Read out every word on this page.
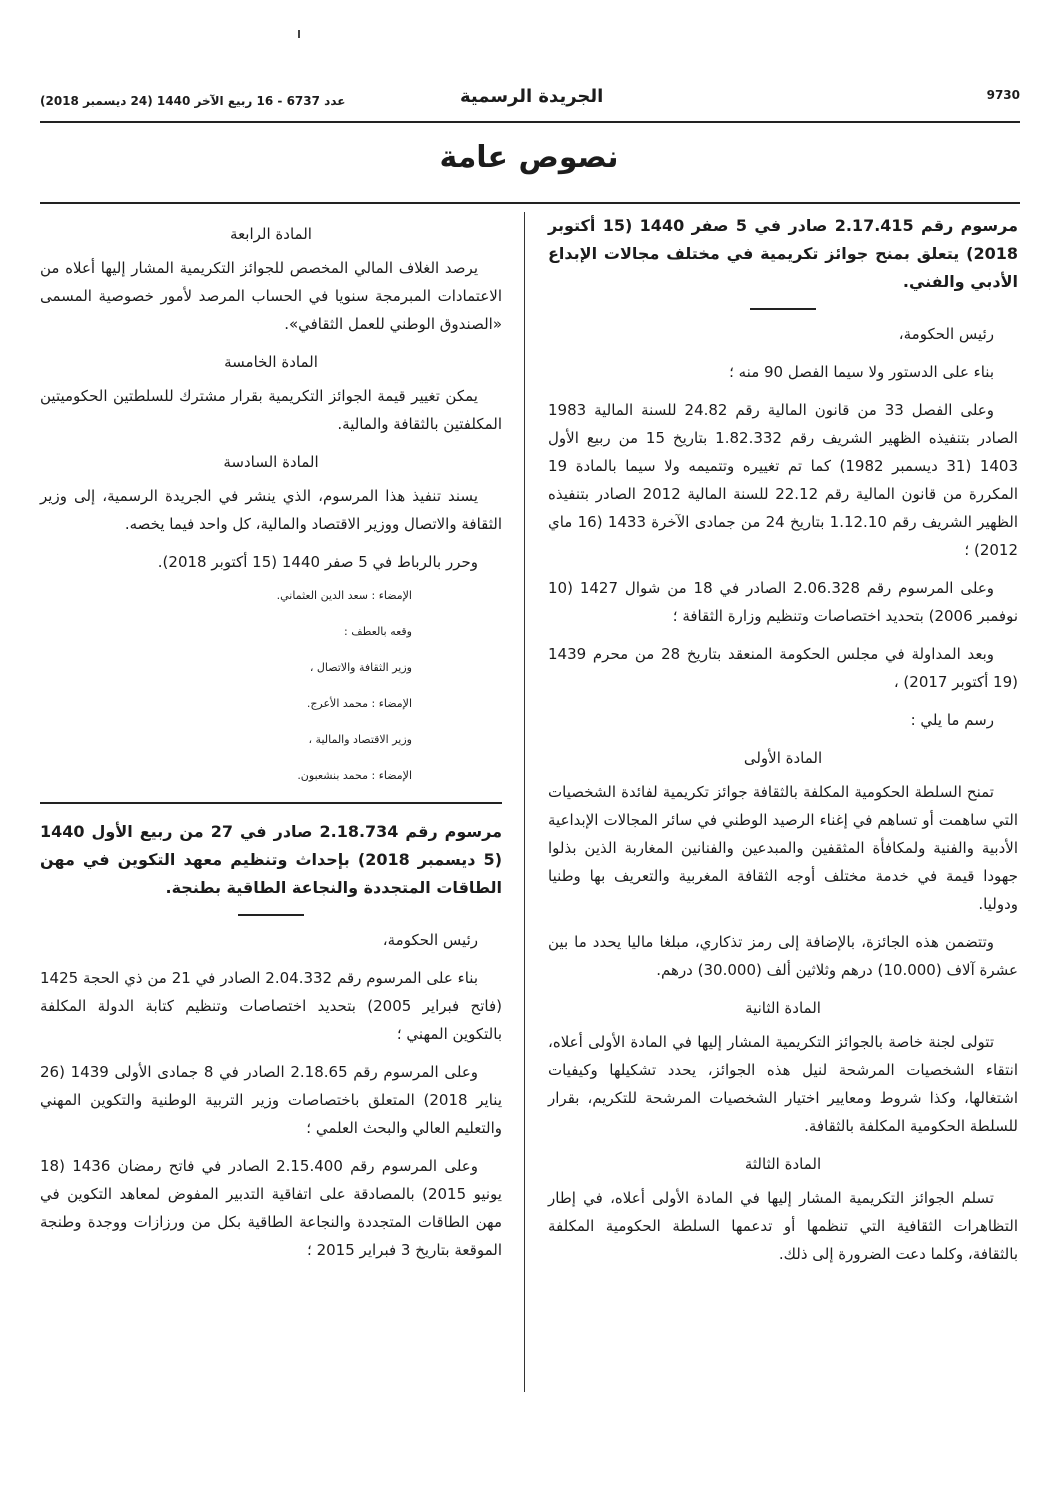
عدد 6737 - 16 ربيع الآخر 1440 (24 ديسمبر 2018)	الجريدة الرسمية	9730
نصوص عامة
مرسوم رقم 2.17.415 صادر في 5 صفر 1440 (15 أكتوبر 2018) يتعلق بمنح جوائز تكريمية في مختلف مجالات الإبداع الأدبي والفني.

رئيس الحكومة،

بناء على الدستور ولا سيما الفصل 90 منه ؛

وعلى الفصل 33 من قانون المالية رقم 24.82 للسنة المالية 1983 الصادر بتنفيذه الظهير الشريف رقم 1.82.332 بتاريخ 15 من ربيع الأول 1403 (31 ديسمبر 1982) كما تم تغييره وتتميمه ولا سيما بالمادة 19 المكررة من قانون المالية رقم 22.12 للسنة المالية 2012 الصادر بتنفيذه الظهير الشريف رقم 1.12.10 بتاريخ 24 من جمادى الآخرة 1433 (16 ماي 2012) ؛

وعلى المرسوم رقم 2.06.328 الصادر في 18 من شوال 1427 (10 نوفمبر 2006) بتحديد اختصاصات وتنظيم وزارة الثقافة ؛

وبعد المداولة في مجلس الحكومة المنعقد بتاريخ 28 من محرم 1439 (19 أكتوبر 2017) ،

رسم ما يلي :

المادة الأولى

تمنح السلطة الحكومية المكلفة بالثقافة جوائز تكريمية لفائدة الشخصيات التي ساهمت أو تساهم في إغناء الرصيد الوطني في سائر المجالات الإبداعية الأدبية والفنية ولمكافأة المثقفين والمبدعين والفنانين المغاربة الذين بذلوا جهودا قيمة في خدمة مختلف أوجه الثقافة المغربية والتعريف بها وطنيا ودوليا.

وتتضمن هذه الجائزة، بالإضافة إلى رمز تذكاري، مبلغا ماليا يحدد ما بين عشرة آلاف (10.000) درهم وثلاثين ألف (30.000) درهم.

المادة الثانية

تتولى لجنة خاصة بالجوائز التكريمية المشار إليها في المادة الأولى أعلاه، انتقاء الشخصيات المرشحة لنيل هذه الجوائز، يحدد تشكيلها وكيفيات اشتغالها، وكذا شروط ومعايير اختيار الشخصيات المرشحة للتكريم، بقرار للسلطة الحكومية المكلفة بالثقافة.

المادة الثالثة

تسلم الجوائز التكريمية المشار إليها في المادة الأولى أعلاه، في إطار التظاهرات الثقافية التي تنظمها أو تدعمها السلطة الحكومية المكلفة بالثقافة، وكلما دعت الضرورة إلى ذلك.

المادة الرابعة

يرصد الغلاف المالي المخصص للجوائز التكريمية المشار إليها أعلاه من الاعتمادات المبرمجة سنويا في الحساب المرصد لأمور خصوصية المسمى «الصندوق الوطني للعمل الثقافي».

المادة الخامسة

يمكن تغيير قيمة الجوائز التكريمية بقرار مشترك للسلطتين الحكوميتين المكلفتين بالثقافة والمالية.

المادة السادسة

يسند تنفيذ هذا المرسوم، الذي ينشر في الجريدة الرسمية، إلى وزير الثقافة والاتصال ووزير الاقتصاد والمالية، كل واحد فيما يخصه.

وحرر بالرباط في 5 صفر 1440 (15 أكتوبر 2018).

الإمضاء : سعد الدين العثماني.
وقعه بالعطف :
وزير الثقافة والاتصال ،
الإمضاء : محمد الأعرج.
وزير الاقتصاد والمالية ،
الإمضاء : محمد بنشعبون.
مرسوم رقم 2.18.734 صادر في 27 من ربيع الأول 1440 (5 ديسمبر 2018) بإحداث وتنظيم معهد التكوين في مهن الطاقات المتجددة والنجاعة الطاقية بطنجة.

رئيس الحكومة،

بناء على المرسوم رقم 2.04.332 الصادر في 21 من ذي الحجة 1425 (فاتح فبراير 2005) بتحديد اختصاصات وتنظيم كتابة الدولة المكلفة بالتكوين المهني ؛

وعلى المرسوم رقم 2.18.65 الصادر في 8 جمادى الأولى 1439 (26 يناير 2018) المتعلق باختصاصات وزير التربية الوطنية والتكوين المهني والتعليم العالي والبحث العلمي ؛

وعلى المرسوم رقم 2.15.400 الصادر في فاتح رمضان 1436 (18 يونيو 2015) بالمصادقة على اتفاقية التدبير المفوض لمعاهد التكوين في مهن الطاقات المتجددة والنجاعة الطاقية بكل من ورزازات ووجدة وطنجة الموقعة بتاريخ 3 فبراير 2015 ؛
